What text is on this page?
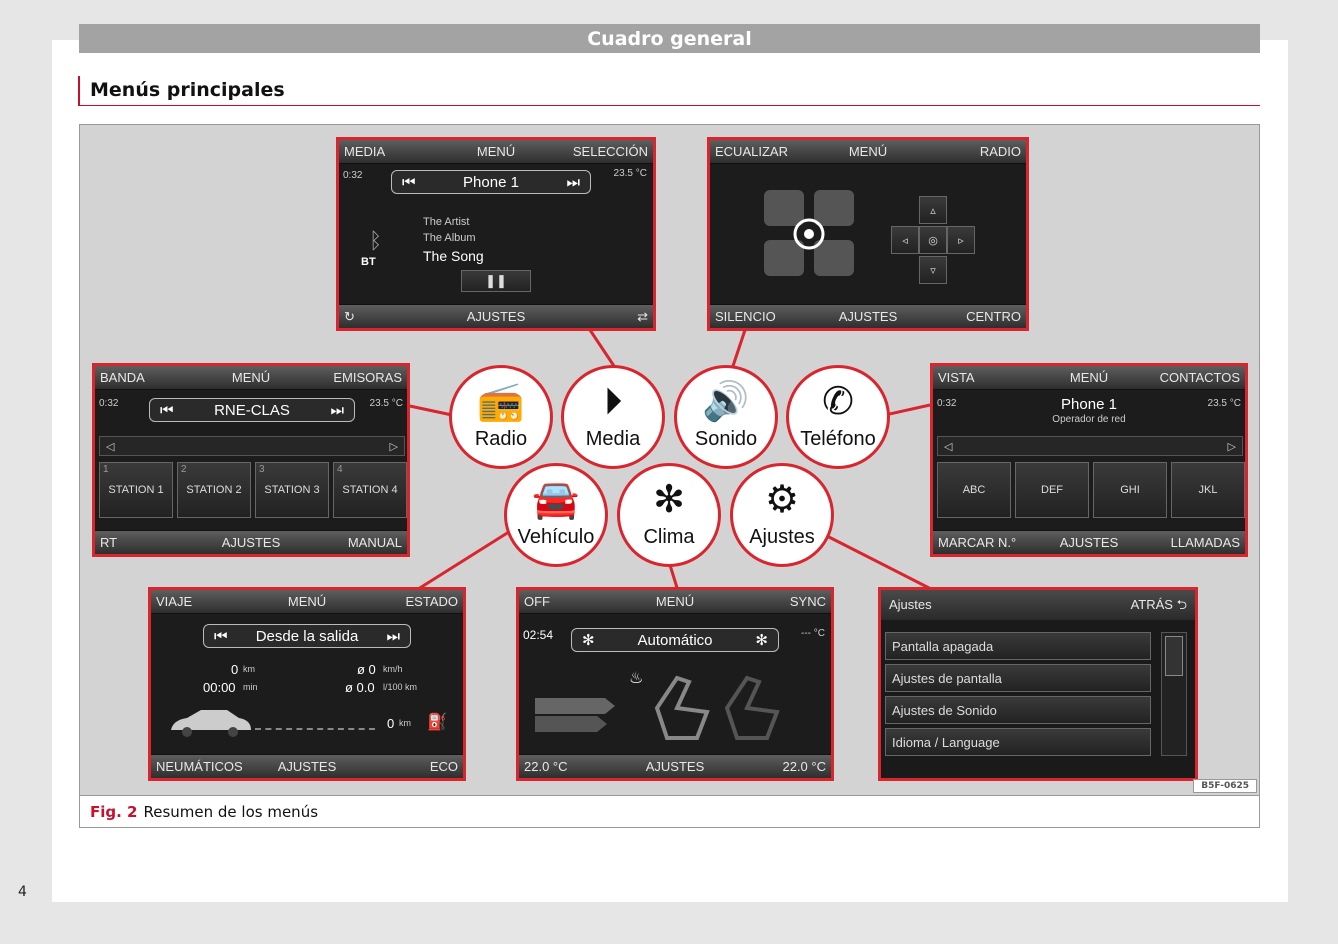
Cuadro general
Menús principales
MEDIA	MENÚ	SELECCIÓN
0:32	23.5 °C
⏮	Phone 1	⏭
ᛒ
BT
The Artist
The Album
The Song
❚❚
↻	AJUSTES	⇄
ECUALIZAR	MENÚ	RADIO
▵
◃	◎	▹
▿
SILENCIO	AJUSTES	CENTRO
BANDA	MENÚ	EMISORAS
0:32	23.5 °C
⏮	RNE-CLAS	⏭
◁	▷
1
STATION 1
2
STATION 2
3
STATION 3
4
STATION 4
RT	AJUSTES	MANUAL
VISTA	MENÚ	CONTACTOS
0:32	23.5 °C
Phone 1
Operador de red
◁	▷
ABC	DEF	GHI	JKL
MARCAR N.°	AJUSTES	LLAMADAS
VIAJE	MENÚ	ESTADO
⏮ Desde la salida ⏭
0 km
00:00 min
ø 0 km/h
ø 0.0 l/100 km
0 km ⛽
NEUMÁTICOS	AJUSTES	ECO
OFF	MENÚ	SYNC
02:54	--- °C
✻	Automático	✻
♨
22.0 °C	AJUSTES	22.0 °C
Ajustes	ATRÁS ⮌
Pantalla apagada
Ajustes de pantalla
Ajustes de Sonido
Idioma / Language
📻
Radio
⏵
Media
🔊
Sonido
✆
Teléfono
🚘
Vehículo
✻
Clima
⚙
Ajustes
B5F-0625
Fig. 2 Resumen de los menús
4
